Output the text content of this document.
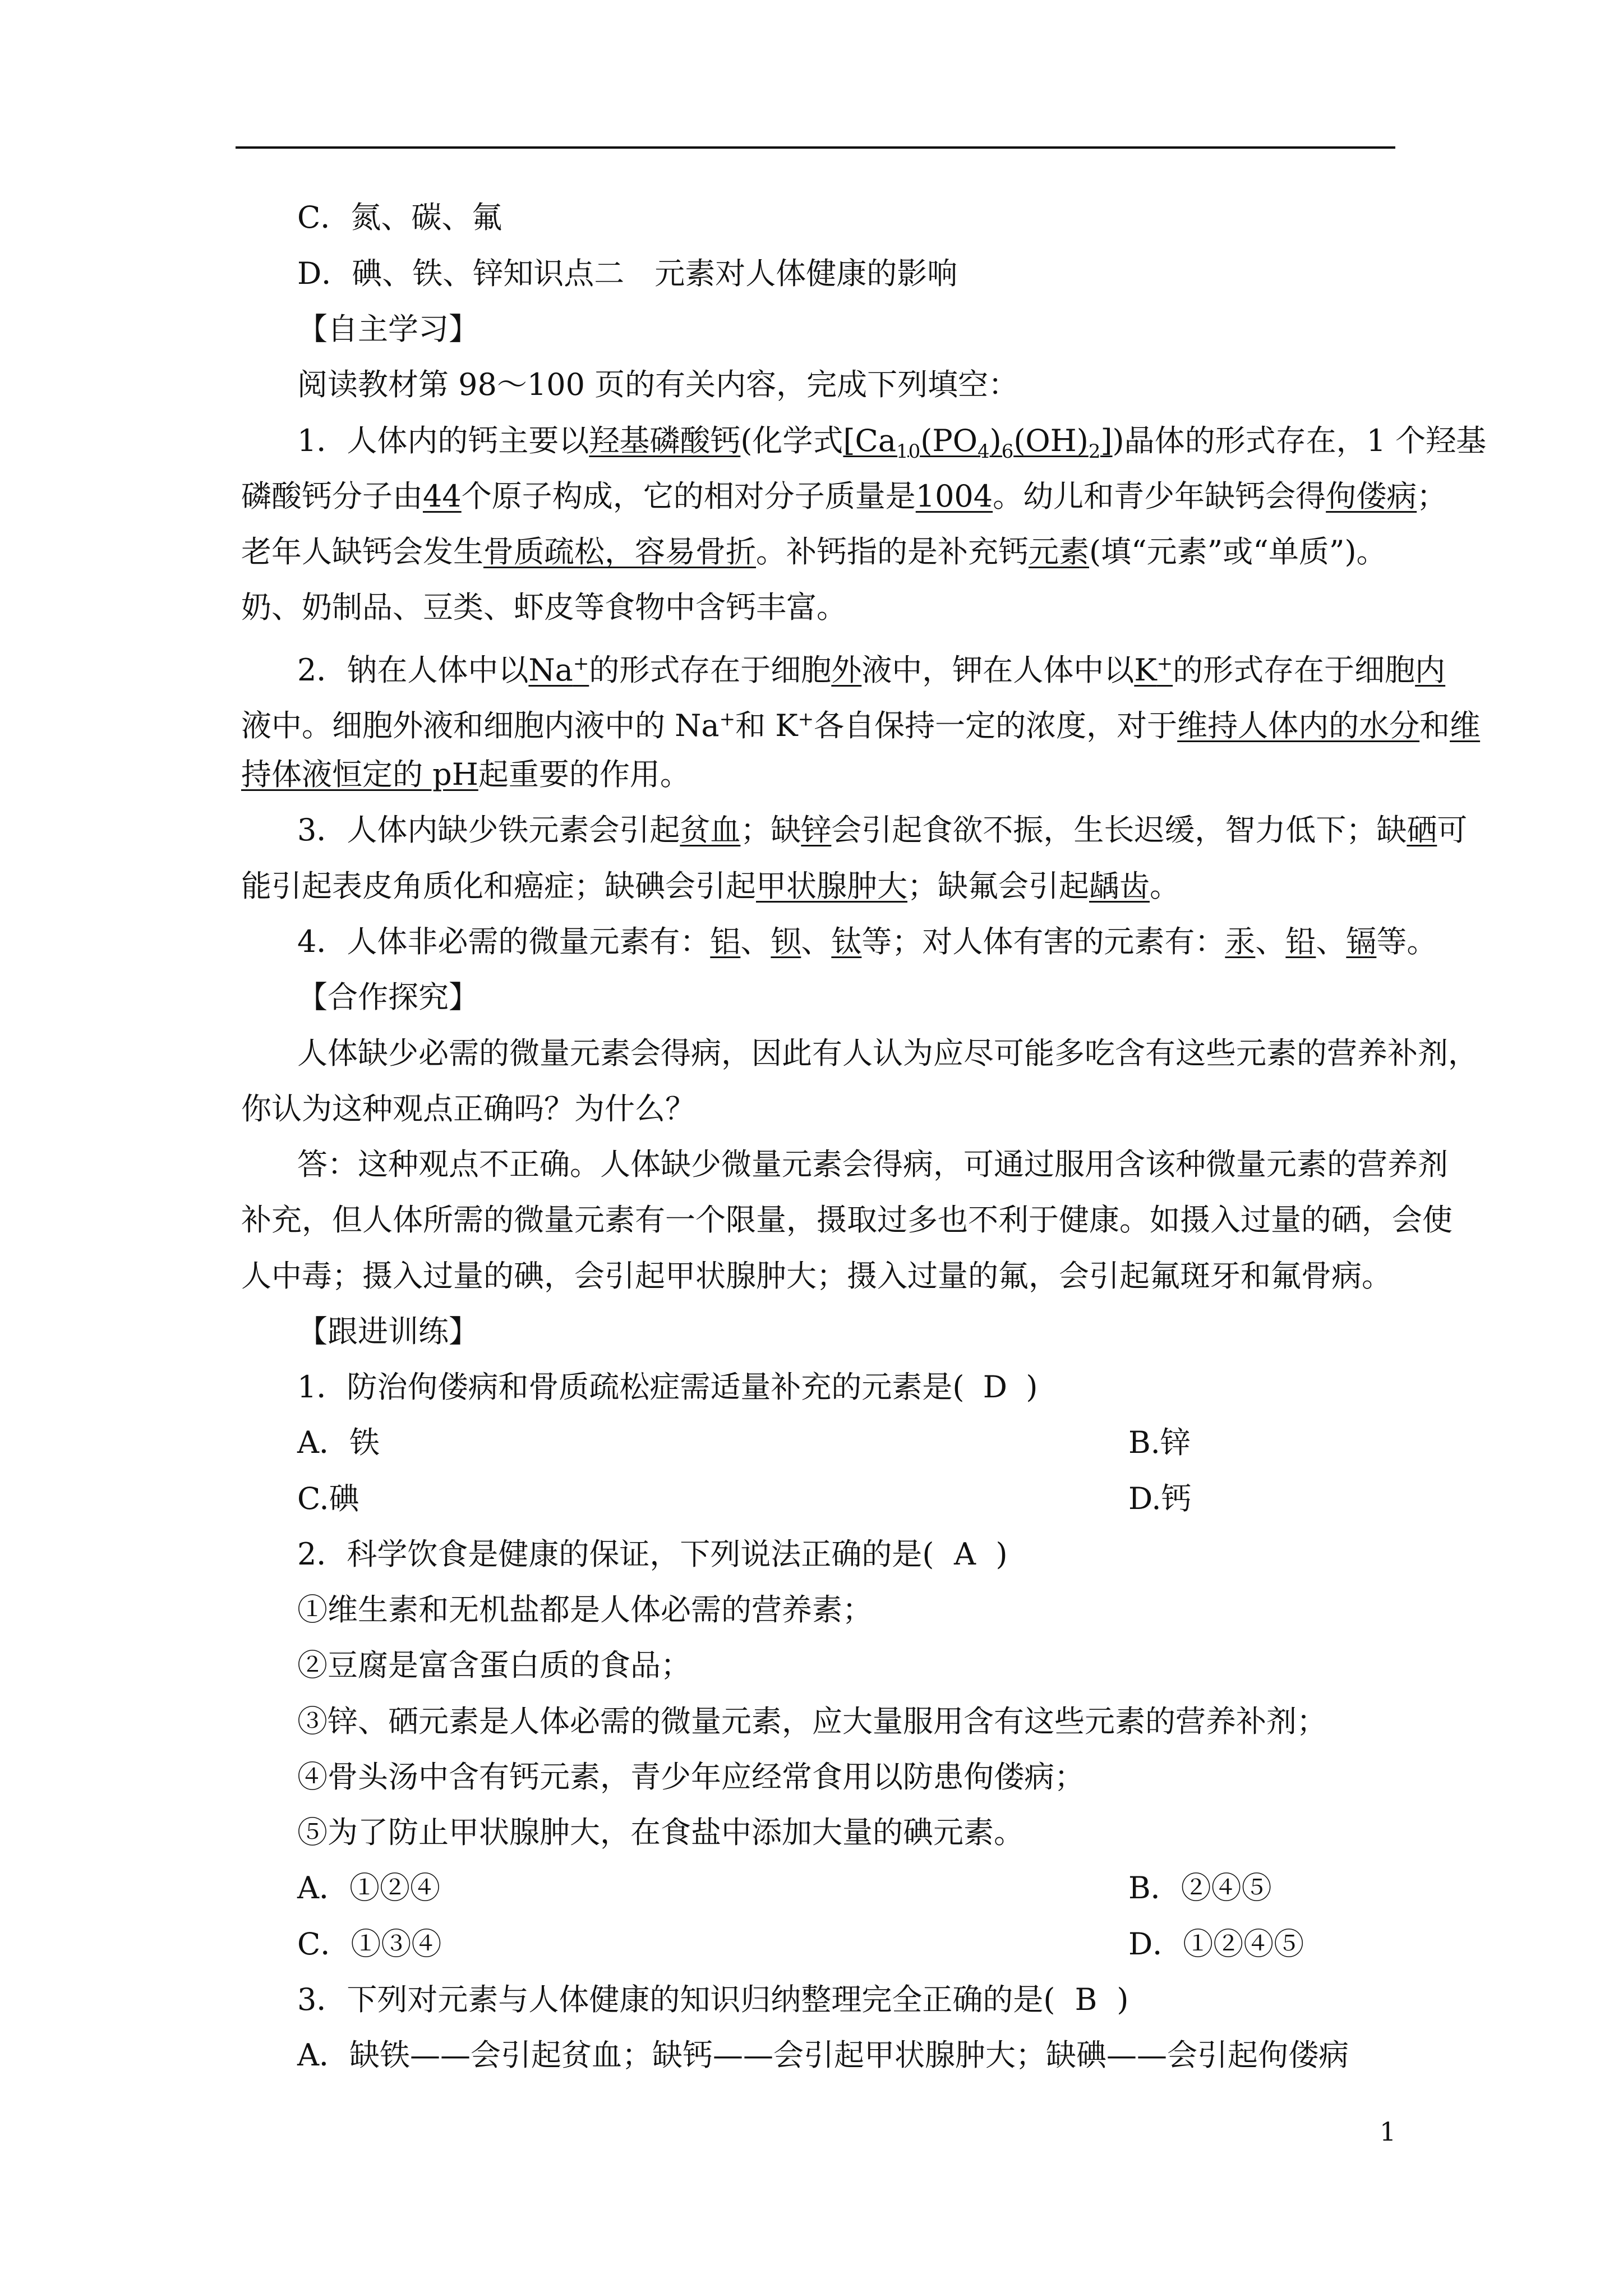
C．氮、碳、氟
D．碘、铁、锌知识点二　元素对人体健康的影响
【自主学习】
阅读教材第 98～100 页的有关内容，完成下列填空：
1．人体内的钙主要以羟基磷酸钙(化学式$[Ca_{10}(PO_4)_6(OH)_2]$)晶体的形式存在，1 个羟基
磷酸钙分子由44个原子构成，它的相对分子质量是1004。幼儿和青少年缺钙会得佝偻病；
老年人缺钙会发生骨质疏松，容易骨折。补钙指的是补充钙元素(填“元素”或“单质”)。
奶、奶制品、豆类、虾皮等食物中含钙丰富。
2．钠在人体中以Na+的形式存在于细胞外液中，钾在人体中以K+的形式存在于细胞内
液中。细胞外液和细胞内液中的 Na+和 K+各自保持一定的浓度，对于维持人体内的水分和维
持体液恒定的 pH起重要的作用。
3．人体内缺少铁元素会引起贫血；缺锌会引起食欲不振，生长迟缓，智力低下；缺硒可
能引起表皮角质化和癌症；缺碘会引起甲状腺肿大；缺氟会引起龋齿。
4．人体非必需的微量元素有：铝、钡、钛等；对人体有害的元素有：汞、铅、镉等。
【合作探究】
人体缺少必需的微量元素会得病，因此有人认为应尽可能多吃含有这些元素的营养补剂，
你认为这种观点正确吗？为什么？
答：这种观点不正确。人体缺少微量元素会得病，可通过服用含该种微量元素的营养剂
补充，但人体所需的微量元素有一个限量，摄取过多也不利于健康。如摄入过量的硒，会使
人中毒；摄入过量的碘，会引起甲状腺肿大；摄入过量的氟，会引起氟斑牙和氟骨病。
【跟进训练】
1．防治佝偻病和骨质疏松症需适量补充的元素是( D )
A．铁	B.锌
C.碘	D.钙
2．科学饮食是健康的保证，下列说法正确的是( A )
①维生素和无机盐都是人体必需的营养素；
②豆腐是富含蛋白质的食品；
③锌、硒元素是人体必需的微量元素，应大量服用含有这些元素的营养补剂；
④骨头汤中含有钙元素，青少年应经常食用以防患佝偻病；
⑤为了防止甲状腺肿大，在食盐中添加大量的碘元素。
A．①②④	B．②④⑤
C．①③④	D．①②④⑤
3．下列对元素与人体健康的知识归纳整理完全正确的是( B )
A．缺铁——会引起贫血；缺钙——会引起甲状腺肿大；缺碘——会引起佝偻病
1
